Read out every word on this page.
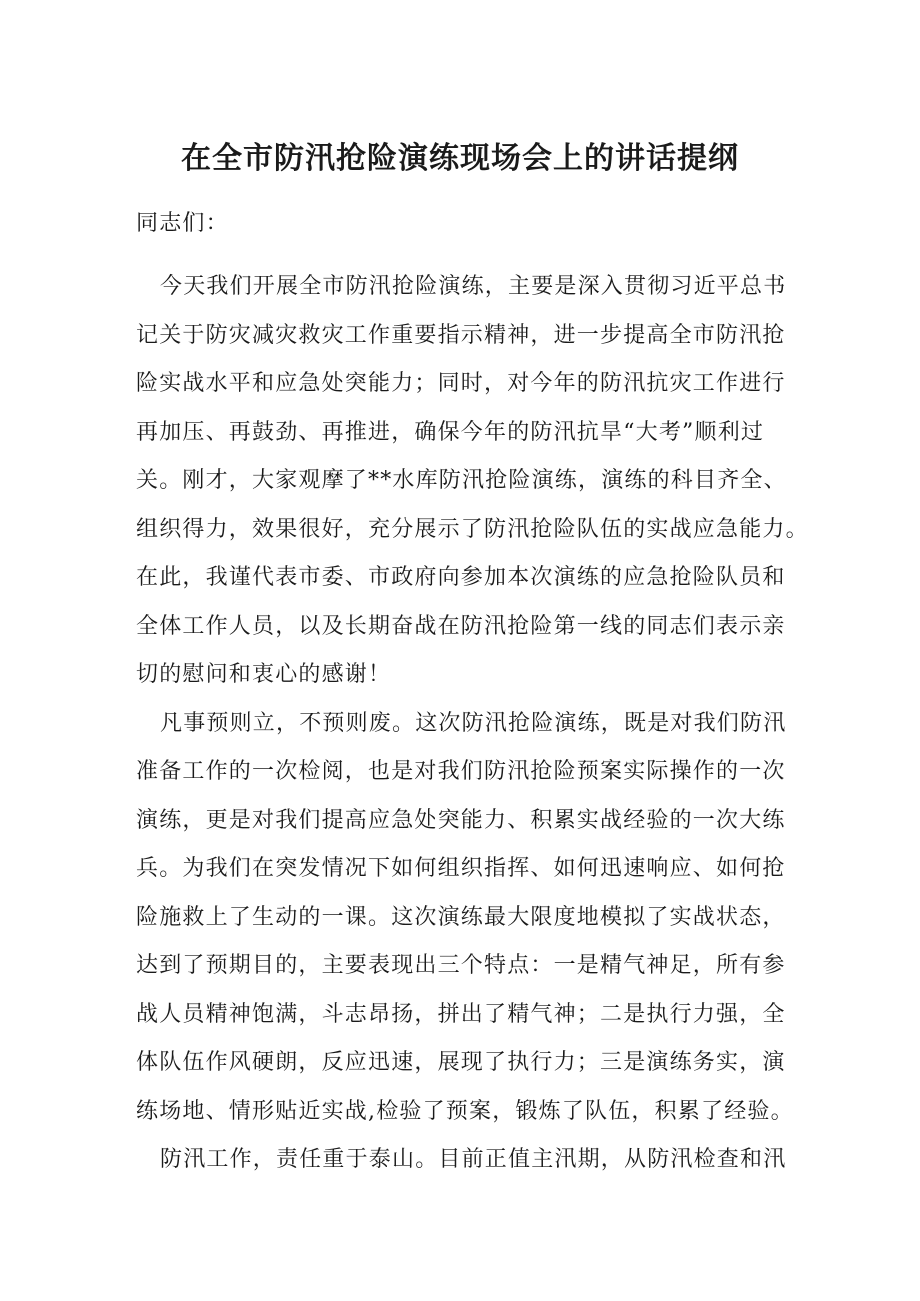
在全市防汛抢险演练现场会上的讲话提纲
同志们：
今天我们开展全市防汛抢险演练，主要是深入贯彻习近平总书
记关于防灾减灾救灾工作重要指示精神，进一步提高全市防汛抢
险实战水平和应急处突能力；同时，对今年的防汛抗灾工作进行
再加压、再鼓劲、再推进，确保今年的防汛抗旱“大考”顺利过
关。刚才，大家观摩了**水库防汛抢险演练，演练的科目齐全、
组织得力，效果很好，充分展示了防汛抢险队伍的实战应急能力。
在此，我谨代表市委、市政府向参加本次演练的应急抢险队员和
全体工作人员，以及长期奋战在防汛抢险第一线的同志们表示亲
切的慰问和衷心的感谢！
凡事预则立，不预则废。这次防汛抢险演练，既是对我们防汛
准备工作的一次检阅，也是对我们防汛抢险预案实际操作的一次
演练，更是对我们提高应急处突能力、积累实战经验的一次大练
兵。为我们在突发情况下如何组织指挥、如何迅速响应、如何抢
险施救上了生动的一课。这次演练最大限度地模拟了实战状态，
达到了预期目的，主要表现出三个特点：一是精气神足，所有参
战人员精神饱满，斗志昂扬，拼出了精气神；二是执行力强，全
体队伍作风硬朗，反应迅速，展现了执行力；三是演练务实，演
练场地、情形贴近实战,检验了预案，锻炼了队伍，积累了经验。
防汛工作，责任重于泰山。目前正值主汛期，从防汛检查和汛
